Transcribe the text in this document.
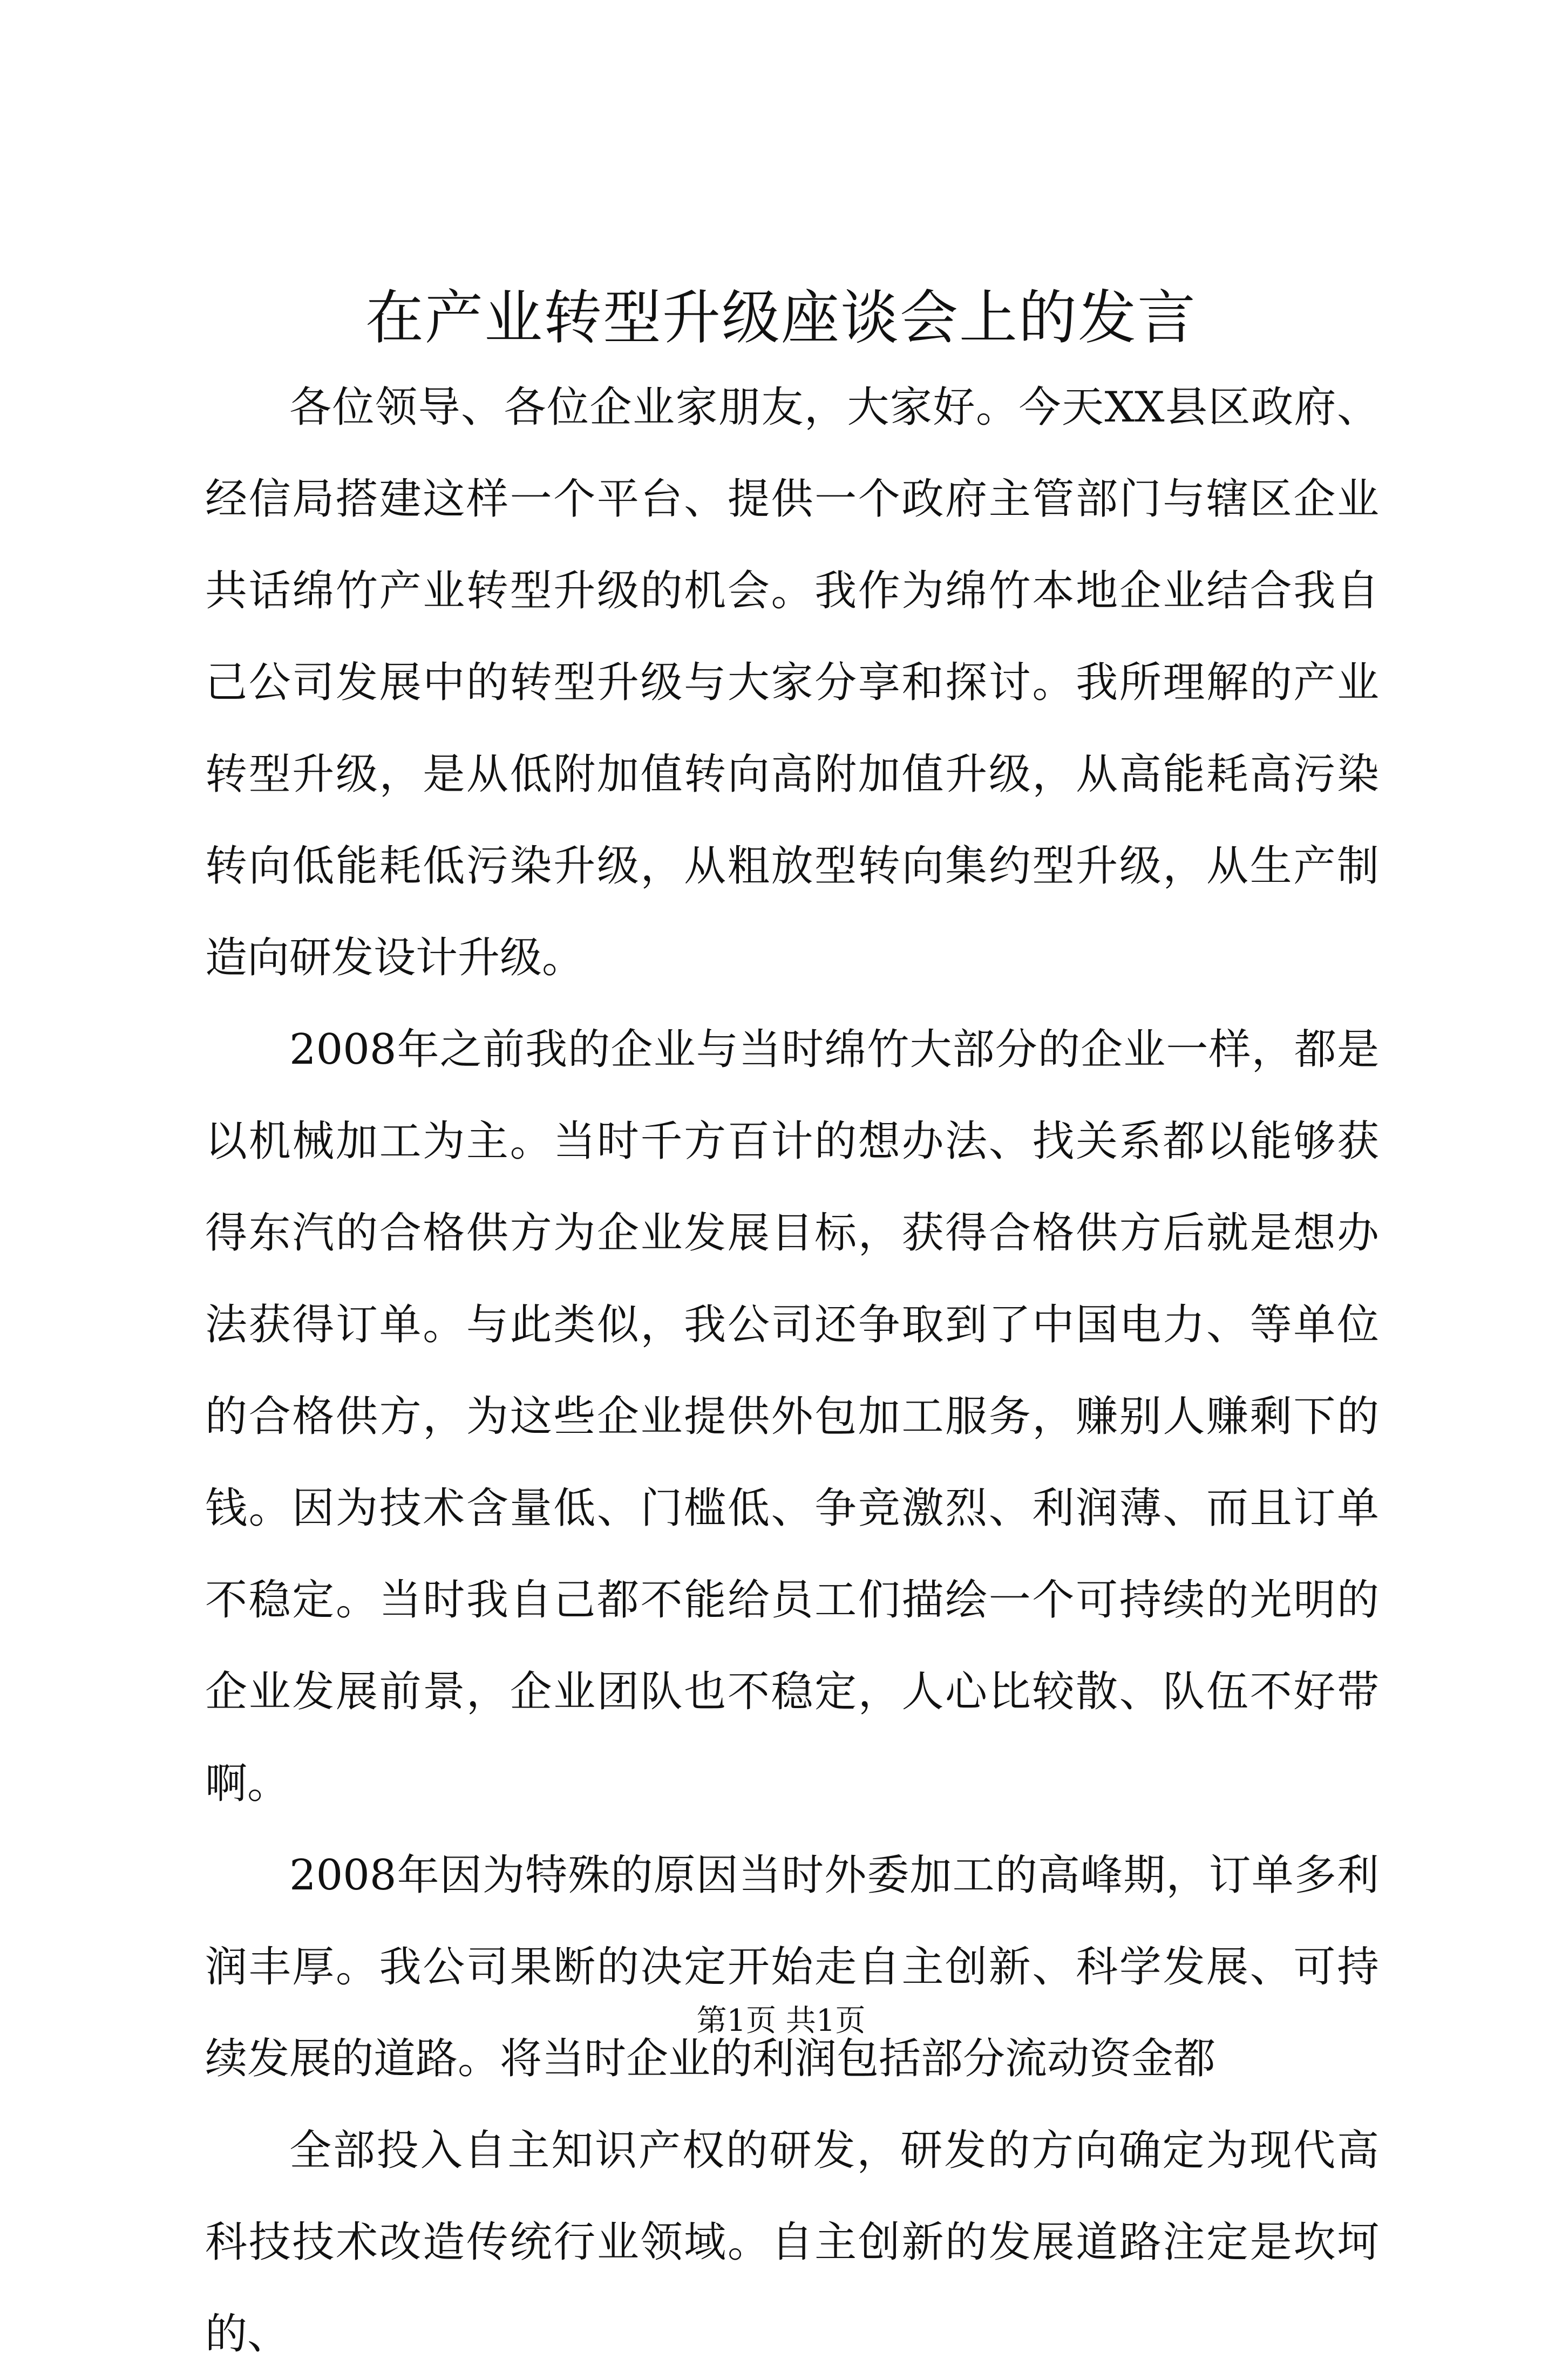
在产业转型升级座谈会上的发言

各位领导、各位企业家朋友，大家好。今天XX县区政府、经信局搭建这样一个平台、提供一个政府主管部门与辖区企业共话绵竹产业转型升级的机会。我作为绵竹本地企业结合我自己公司发展中的转型升级与大家分享和探讨。我所理解的产业转型升级，是从低附加值转向高附加值升级，从高能耗高污染转向低能耗低污染升级，从粗放型转向集约型升级，从生产制造向研发设计升级。

2008年之前我的企业与当时绵竹大部分的企业一样，都是以机械加工为主。当时千方百计的想办法、找关系都以能够获得东汽的合格供方为企业发展目标，获得合格供方后就是想办法获得订单。与此类似，我公司还争取到了中国电力、等单位的合格供方，为这些企业提供外包加工服务，赚别人赚剩下的钱。因为技术含量低、门槛低、争竞激烈、利润薄、而且订单不稳定。当时我自己都不能给员工们描绘一个可持续的光明的企业发展前景，企业团队也不稳定，人心比较散、队伍不好带啊。

2008年因为特殊的原因当时外委加工的高峰期，订单多利润丰厚。我公司果断的决定开始走自主创新、科学发展、可持续发展的道路。将当时企业的利润包括部分流动资金都

全部投入自主知识产权的研发，研发的方向确定为现代高科技技术改造传统行业领域。自主创新的发展道路注定是坎坷的、

第1页 共1页
